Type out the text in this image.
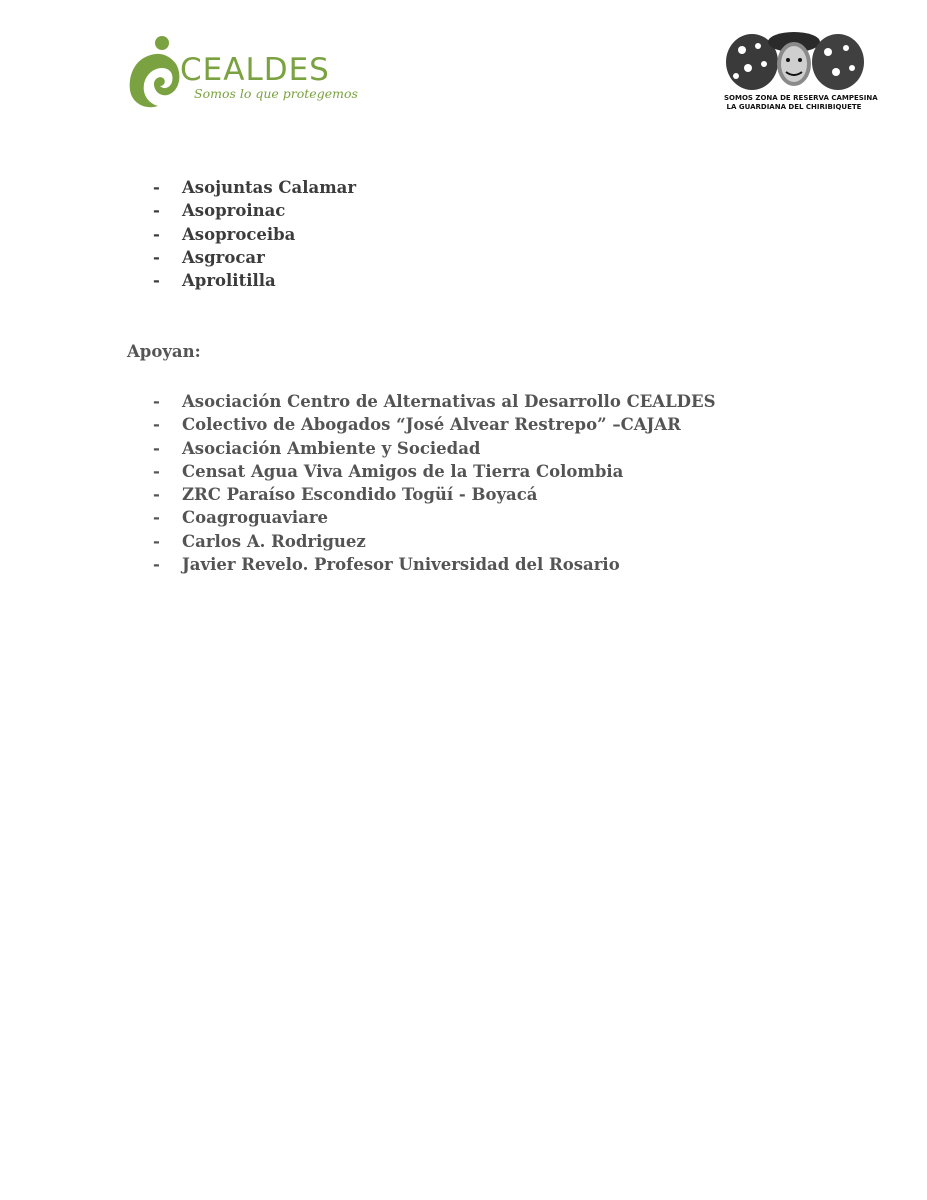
CEALDES
Somos lo que protegemos	SOMOS ZONA DE RESERVA CAMPESINA
LA GUARDIANA DEL CHIRIBIQUETE
-	Asojuntas Calamar
-	Asoproinac
-	Asoproceiba
-	Asgrocar
-	Aprolitilla
Apoyan:
-	Asociación Centro de Alternativas al Desarrollo CEALDES
-	Colectivo de Abogados “José Alvear Restrepo” –CAJAR
-	Asociación Ambiente y Sociedad
-	Censat Agua Viva Amigos de la Tierra Colombia
-	ZRC Paraíso Escondido Togüí - Boyacá
-	Coagroguaviare
-	Carlos A. Rodriguez
-	Javier Revelo. Profesor Universidad del Rosario
